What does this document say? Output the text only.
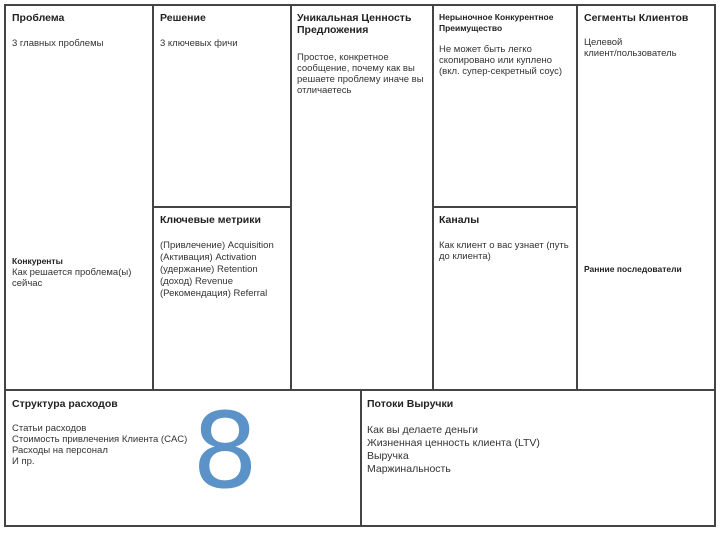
Проблема
3 главных проблемы
Конкуренты
Как решается проблема(ы)
сейчас
Решение
3 ключевых фичи
Ключевые метрики
(Привлечение) Acquisition
(Активация) Activation
(удержание) Retention
(доход) Revenue
(Рекомендация) Referral
Уникальная Ценность
Предложения
Простое, конкретное
сообщение, почему как вы
решаете проблему иначе вы
отличаетесь
Нерыночное Конкурентное
Преимущество
Не может быть легко
скопировано или куплено
(вкл. супер-секретный соус)
Каналы
Как клиент о вас узнает (путь
до клиента)
Сегменты Клиентов
Целевой
клиент/пользователь
Ранние последователи
Структура расходов
Статьи расходов
Стоимость привлечения Клиента (CAC)
Расходы на персонал
И пр.	8	Потоки Выручки
Как вы делаете деньги
Жизненная ценность клиента (LTV)
Выручка
Маржинальность
